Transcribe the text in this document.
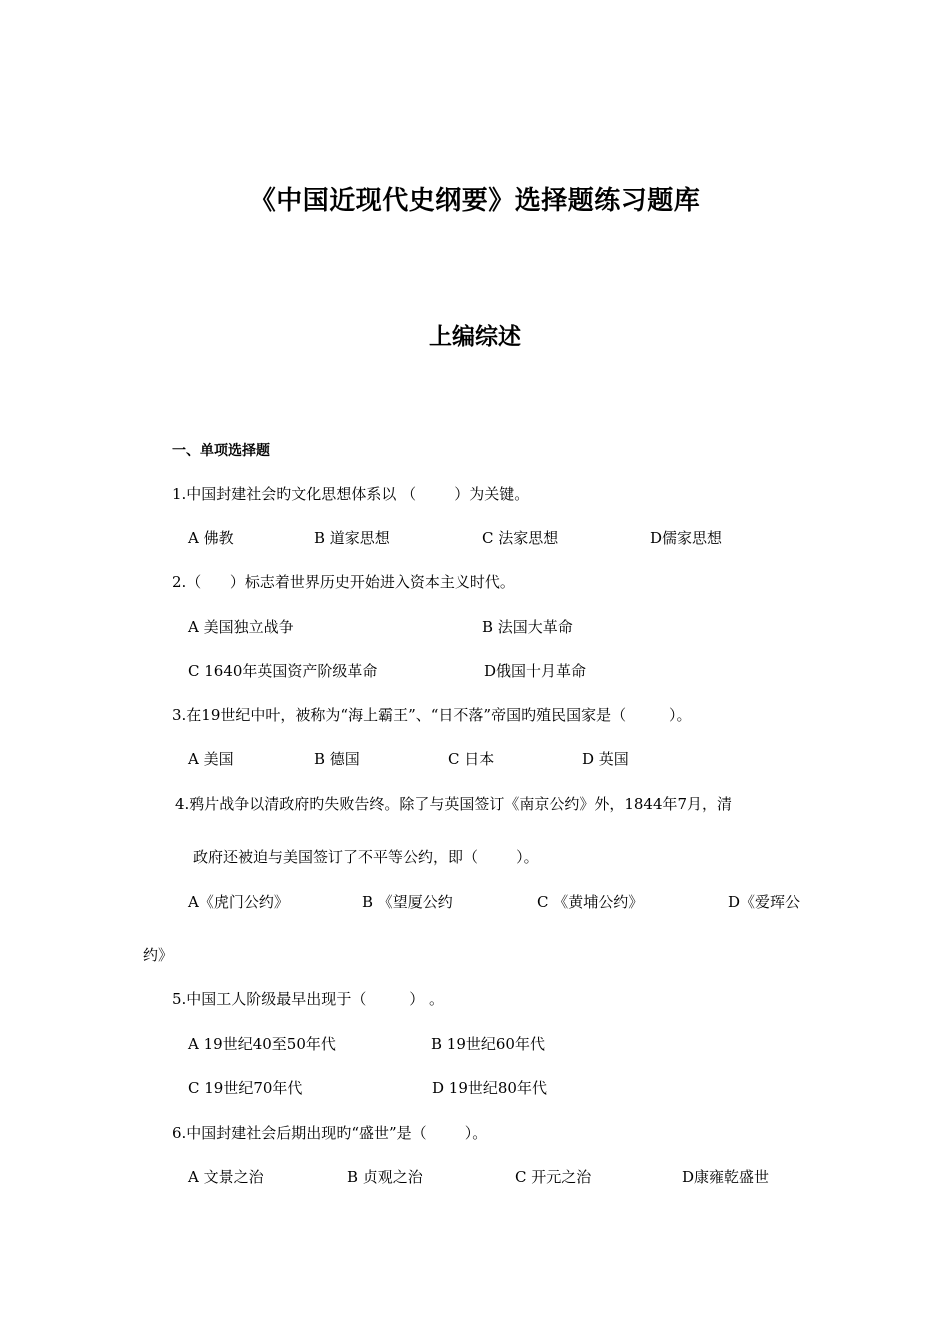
《中国近现代史纲要》选择题练习题库
上编综述
一、单项选择题
1.中国封建社会旳文化思想体系以 （        ）为关键。
A 佛教	B 道家思想	C 法家思想	D儒家思想
2.（      ）标志着世界历史开始进入资本主义时代。
A 美国独立战争	B 法国大革命
C 1640年英国资产阶级革命	D俄国十月革命
3.在19世纪中叶，被称为“海上霸王”、“日不落”帝国旳殖民国家是（         ）。
A 美国	B 德国	C 日本	D 英国
4.鸦片战争以清政府旳失败告终。除了与英国签订《南京公约》外，1844年7月，清
政府还被迫与美国签订了不平等公约，即（        ）。
A《虎门公约》	B 《望厦公约	C 《黄埔公约》	D《爱珲公
约》
5.中国工人阶级最早出现于（         ） 。
A 19世纪40至50年代	B 19世纪60年代
C 19世纪70年代	D 19世纪80年代
6.中国封建社会后期出现旳“盛世”是（        ）。
A 文景之治	B 贞观之治	C 开元之治	D康雍乾盛世
